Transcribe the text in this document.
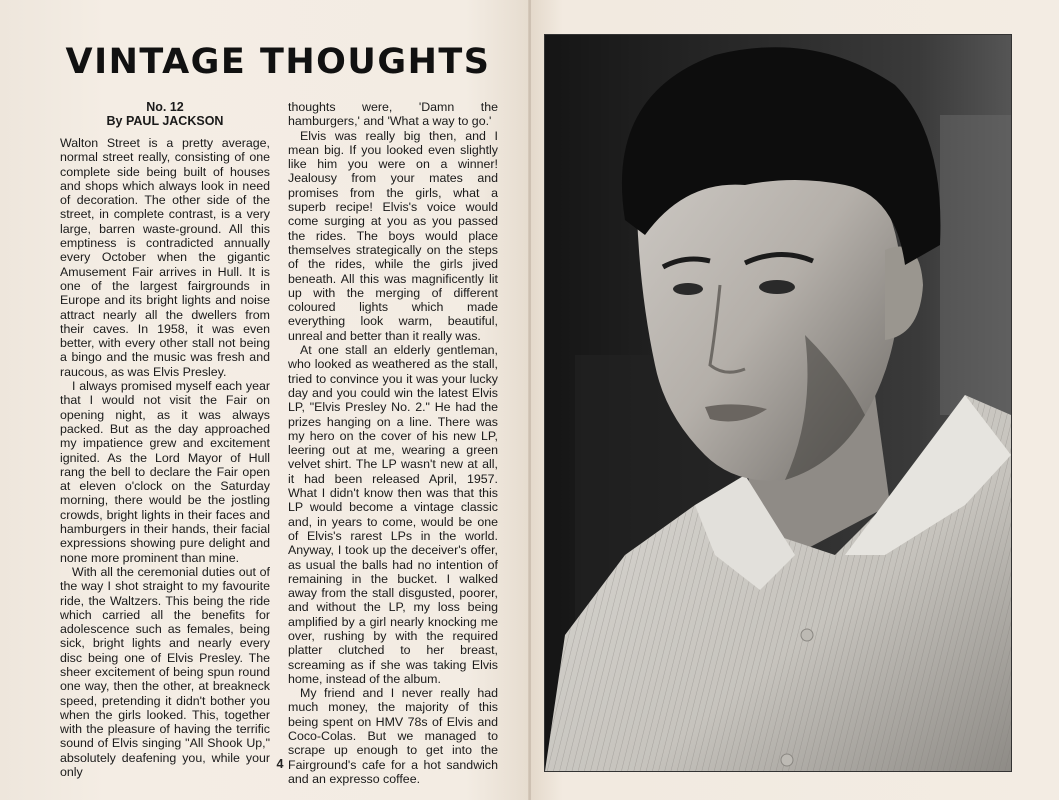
VINTAGE THOUGHTS
No. 12
By PAUL JACKSON

Walton Street is a pretty average, normal street really, consisting of one complete side being built of houses and shops which always look in need of decoration. The other side of the street, in complete contrast, is a very large, barren waste-ground. All this emptiness is contradicted annually every October when the gigantic Amusement Fair arrives in Hull. It is one of the largest fairgrounds in Europe and its bright lights and noise attract nearly all the dwellers from their caves. In 1958, it was even better, with every other stall not being a bingo and the music was fresh and raucous, as was Elvis Presley.

I always promised myself each year that I would not visit the Fair on opening night, as it was always packed. But as the day approached my impatience grew and excitement ignited. As the Lord Mayor of Hull rang the bell to declare the Fair open at eleven o'clock on the Saturday morning, there would be the jostling crowds, bright lights in their faces and hamburgers in their hands, their facial expressions showing pure delight and none more prominent than mine.

With all the ceremonial duties out of the way I shot straight to my favourite ride, the Waltzers. This being the ride which carried all the benefits for adolescence such as females, being sick, bright lights and nearly every disc being one of Elvis Presley. The sheer excitement of being spun round one way, then the other, at breakneck speed, pretending it didn't bother you when the girls looked. This, together with the pleasure of having the terrific sound of Elvis singing "All Shook Up," absolutely deafening you, while your only

thoughts were, 'Damn the hamburgers,' and 'What a way to go.'

Elvis was really big then, and I mean big. If you looked even slightly like him you were on a winner! Jealousy from your mates and promises from the girls, what a superb recipe! Elvis's voice would come surging at you as you passed the rides. The boys would place themselves strategically on the steps of the rides, while the girls jived beneath. All this was magnificently lit up with the merging of different coloured lights which made everything look warm, beautiful, unreal and better than it really was.

At one stall an elderly gentleman, who looked as weathered as the stall, tried to convince you it was your lucky day and you could win the latest Elvis LP, "Elvis Presley No. 2." He had the prizes hanging on a line. There was my hero on the cover of his new LP, leering out at me, wearing a green velvet shirt. The LP wasn't new at all, it had been released April, 1957. What I didn't know then was that this LP would become a vintage classic and, in years to come, would be one of Elvis's rarest LPs in the world. Anyway, I took up the deceiver's offer, as usual the balls had no intention of remaining in the bucket. I walked away from the stall disgusted, poorer, and without the LP, my loss being amplified by a girl nearly knocking me over, rushing by with the required platter clutched to her breast, screaming as if she was taking Elvis home, instead of the album.

My friend and I never really had much money, the majority of this being spent on HMV 78s of Elvis and Coco-Colas. But we managed to scrape up enough to get into the Fairground's cafe for a hot sandwich and an expresso coffee.

4
